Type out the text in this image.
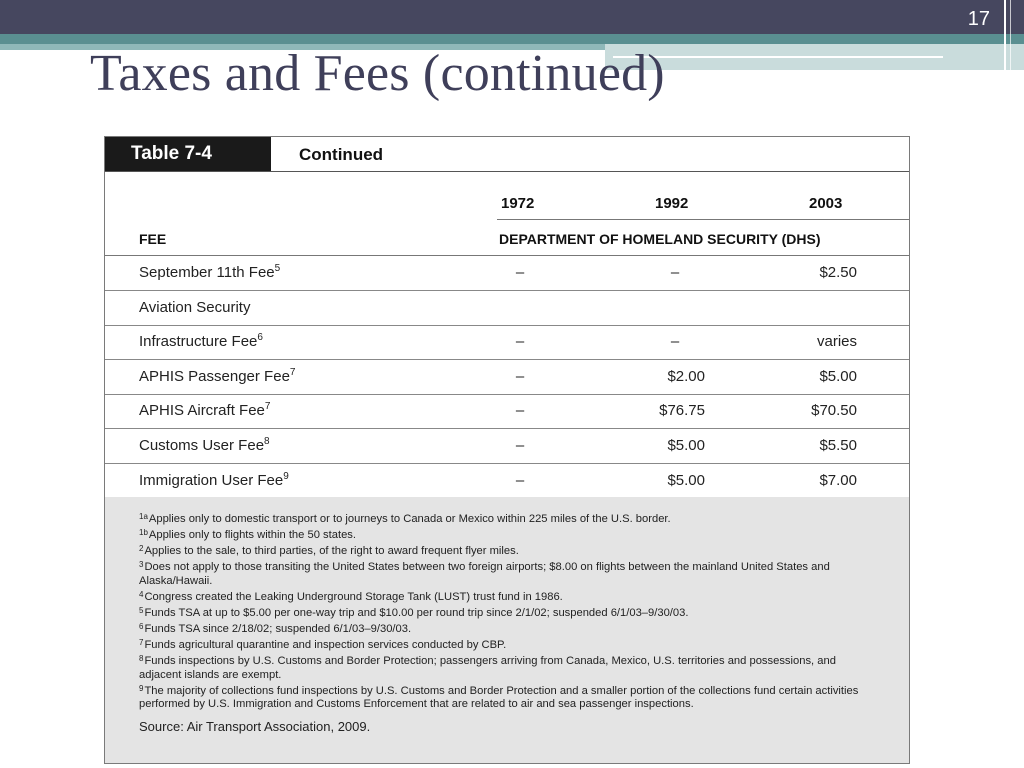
17
Taxes and Fees (continued)
Table 7-4	Continued
1972	1992	2003
FEE	DEPARTMENT OF HOMELAND SECURITY (DHS)
September 11th Fee$^5$	–	–	$2.50
Aviation Security
Infrastructure Fee$^6$	–	–	varies
APHIS Passenger Fee$^7$	–	$2.00	$5.00
APHIS Aircraft Fee$^7$	–	$76.75	$70.50
Customs User Fee$^8$	–	$5.00	$5.50
Immigration User Fee$^9$	–	$5.00	$7.00
$^{1a}$Applies only to domestic transport or to journeys to Canada or Mexico within 225 miles of the U.S. border.
$^{1b}$Applies only to flights within the 50 states.
$^2$Applies to the sale, to third parties, of the right to award frequent flyer miles.
$^3$Does not apply to those transiting the United States between two foreign airports; $8.00 on flights between the mainland United States and Alaska/Hawaii.
$^4$Congress created the Leaking Underground Storage Tank (LUST) trust fund in 1986.
$^5$Funds TSA at up to $5.00 per one-way trip and $10.00 per round trip since 2/1/02; suspended 6/1/03–9/30/03.
$^6$Funds TSA since 2/18/02; suspended 6/1/03–9/30/03.
$^7$Funds agricultural quarantine and inspection services conducted by CBP.
$^8$Funds inspections by U.S. Customs and Border Protection; passengers arriving from Canada, Mexico, U.S. territories and possessions, and adjacent islands are exempt.
$^9$The majority of collections fund inspections by U.S. Customs and Border Protection and a smaller portion of the collections fund certain activities performed by U.S. Immigration and Customs Enforcement that are related to air and sea passenger inspections.
Source: Air Transport Association, 2009.
